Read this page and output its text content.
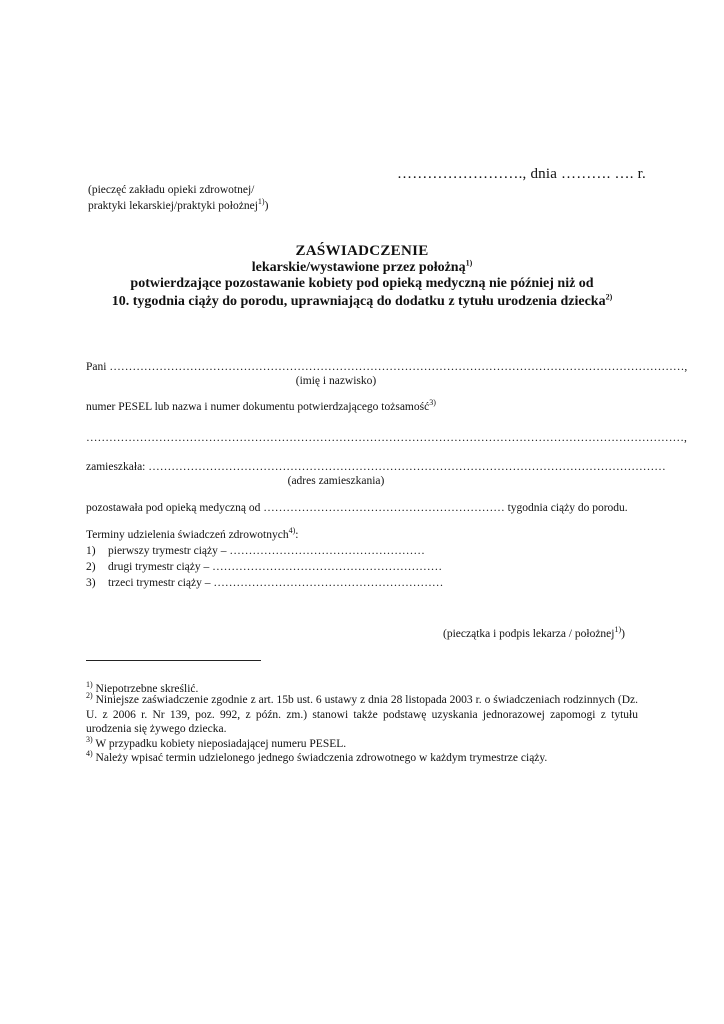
……………………., dnia ………. …. r.
(pieczęć zakładu opieki zdrowotnej/
praktyki lekarskiej/praktyki położnej$^{1)}$)
ZAŚWIADCZENIE
lekarskie/wystawione przez położną$^{1)}$
potwierdzające pozostawanie kobiety pod opieką medyczną nie później niż od
10. tygodnia ciąży do porodu, uprawniającą do dodatku z tytułu urodzenia dziecka$^{2)}$
Pani ……………………………………………………………………………………………………………………………………,
(imię i nazwisko)
numer PESEL lub nazwa i numer dokumentu potwierdzającego tożsamość$^{3)}$
…………………………………………………………………………………………………………………………………………,
zamieszkała: ………………………………………………………………………………………………………………………
(adres zamieszkania)
pozostawała pod opieką medyczną od ……………………………………………………… tygodnia ciąży do porodu.
Terminy udzielenia świadczeń zdrowotnych$^{4)}$:
1) pierwszy trymestr ciąży – ……………………………………………
2) drugi trymestr ciąży – ……………………………………………………
3) trzeci trymestr ciąży – ……………………………………………………
(pieczątka i podpis lekarza / położnej$^{1)}$)
$^{1)}$ Niepotrzebne skreślić.
$^{2)}$ Niniejsze zaświadczenie zgodnie z art. 15b ust. 6 ustawy z dnia 28 listopada 2003 r. o świadczeniach rodzinnych (Dz. U. z 2006 r. Nr 139, poz. 992, z późn. zm.) stanowi także podstawę uzyskania jednorazowej zapomogi z tytułu urodzenia się żywego dziecka.
$^{3)}$ W przypadku kobiety nieposiadającej numeru PESEL.
$^{4)}$ Należy wpisać termin udzielonego jednego świadczenia zdrowotnego w każdym trymestrze ciąży.
